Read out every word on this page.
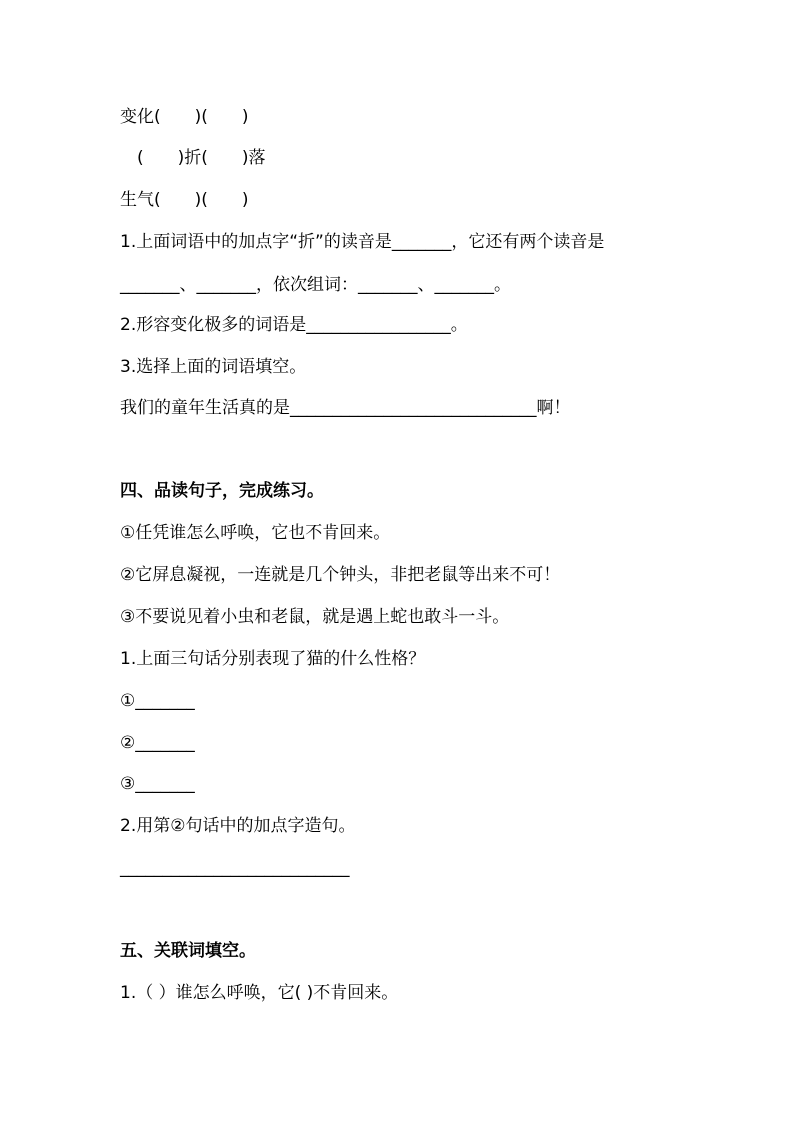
变化(　　)(　　)
　(　　)折(　　)落
生气(　　)(　　)
1.上面词语中的加点字“折”的读音是_______，它还有两个读音是
_______、_______，依次组词：_______、_______。
2.形容变化极多的词语是_________________。
3.选择上面的词语填空。
我们的童年生活真的是_____________________________啊！
四、品读句子，完成练习。
①任凭谁怎么呼唤，它也不肯回来。
②它屏息凝视，一连就是几个钟头，非把老鼠等出来不可！
③不要说见着小虫和老鼠，就是遇上蛇也敢斗一斗。
1.上面三句话分别表现了猫的什么性格？
①_______
②_______
③_______
2.用第②句话中的加点字造句。
___________________________
五、关联词填空。
1.（ ）谁怎么呼唤，它( )不肯回来。
